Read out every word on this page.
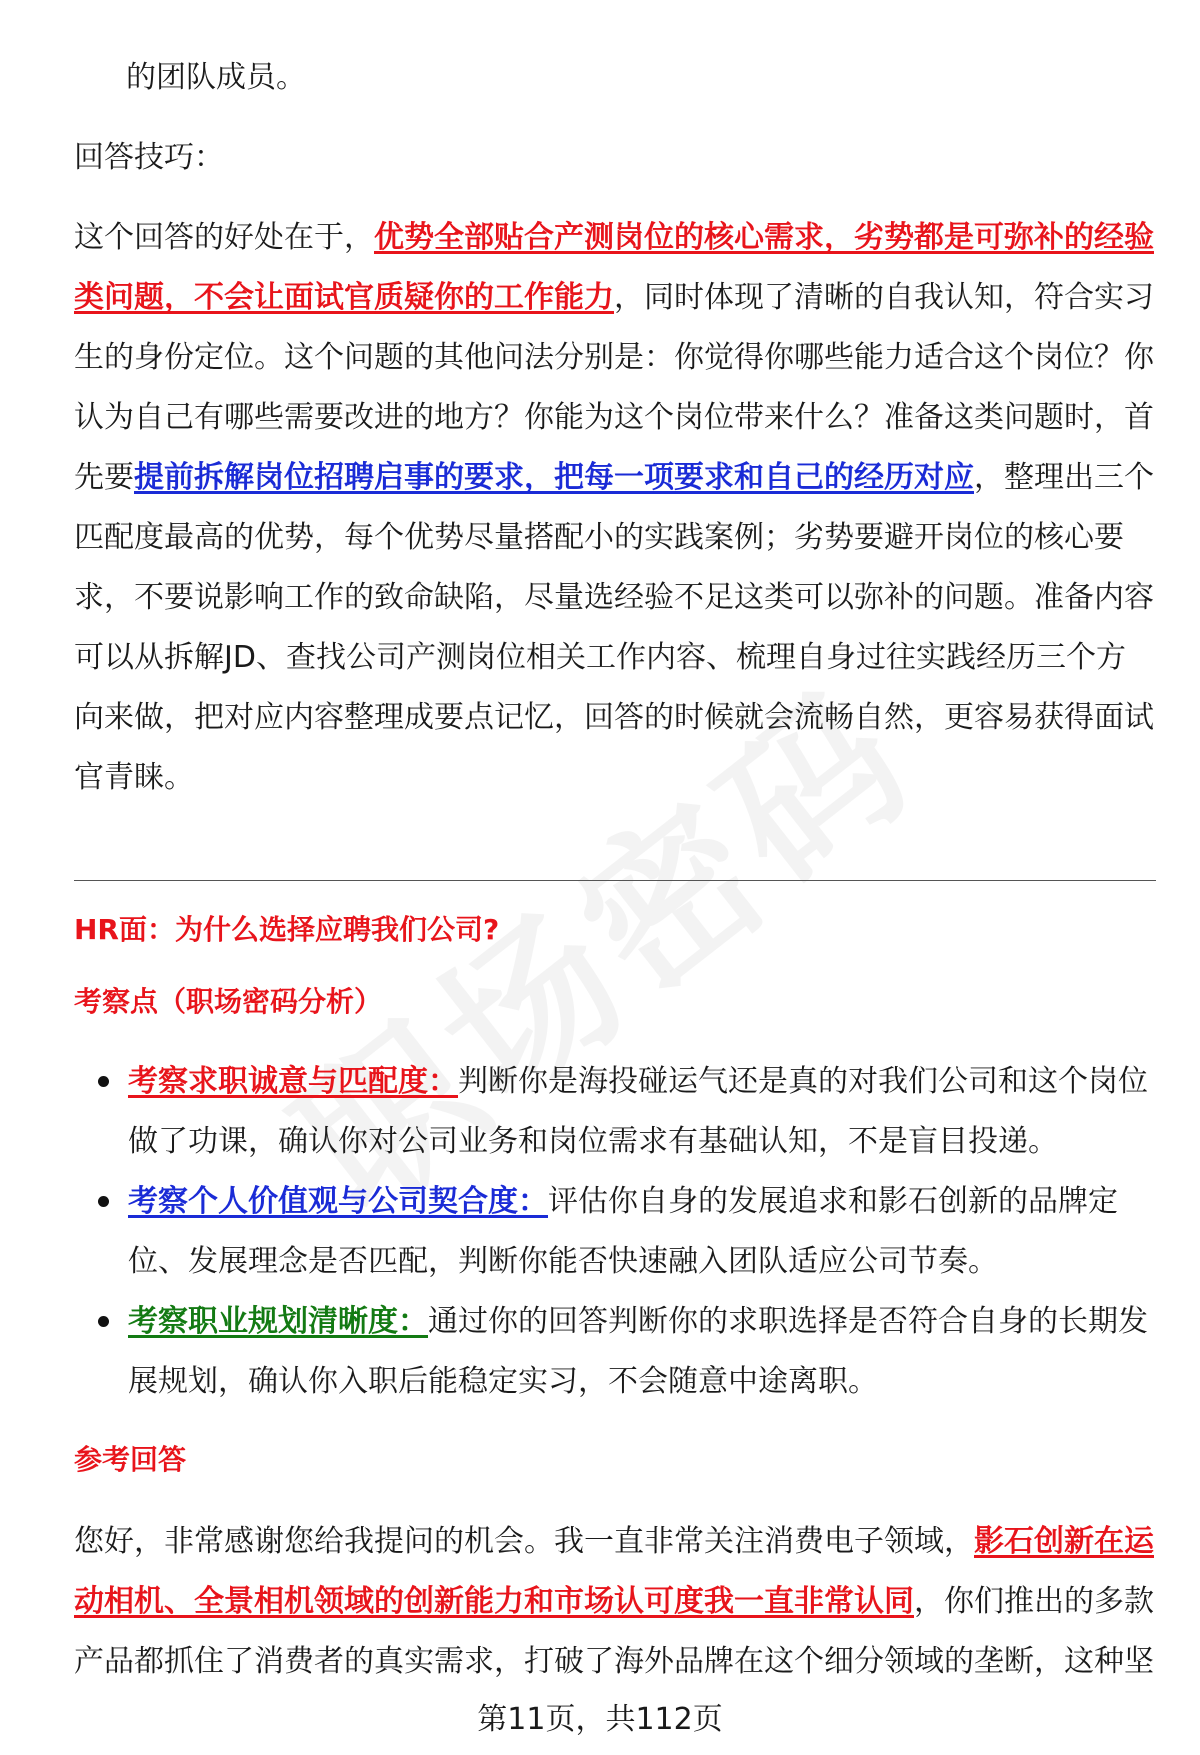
的团队成员。

回答技巧：

这个回答的好处在于，优势全部贴合产测岗位的核心需求，劣势都是可弥补的经验类问题，不会让面试官质疑你的工作能力，同时体现了清晰的自我认知，符合实习生的身份定位。这个问题的其他问法分别是：你觉得你哪些能力适合这个岗位？你认为自己有哪些需要改进的地方？你能为这个岗位带来什么？准备这类问题时，首先要提前拆解岗位招聘启事的要求，把每一项要求和自己的经历对应，整理出三个匹配度最高的优势，每个优势尽量搭配小的实践案例；劣势要避开岗位的核心要求，不要说影响工作的致命缺陷，尽量选经验不足这类可以弥补的问题。准备内容可以从拆解JD、查找公司产测岗位相关工作内容、梳理自身过往实践经历三个方向来做，把对应内容整理成要点记忆，回答的时候就会流畅自然，更容易获得面试官青睐。

HR面：为什么选择应聘我们公司?

考察点（职场密码分析）

考察求职诚意与匹配度：判断你是海投碰运气还是真的对我们公司和这个岗位做了功课，确认你对公司业务和岗位需求有基础认知，不是盲目投递。
考察个人价值观与公司契合度：评估你自身的发展追求和影石创新的品牌定位、发展理念是否匹配，判断你能否快速融入团队适应公司节奏。
考察职业规划清晰度：通过你的回答判断你的求职选择是否符合自身的长期发展规划，确认你入职后能稳定实习，不会随意中途离职。

参考回答

您好，非常感谢您给我提问的机会。我一直非常关注消费电子领域，影石创新在运动相机、全景相机领域的创新能力和市场认可度我一直非常认同，你们推出的多款产品都抓住了消费者的真实需求，打破了海外品牌在这个细分领域的垄断，这种坚

第11页，共112页
